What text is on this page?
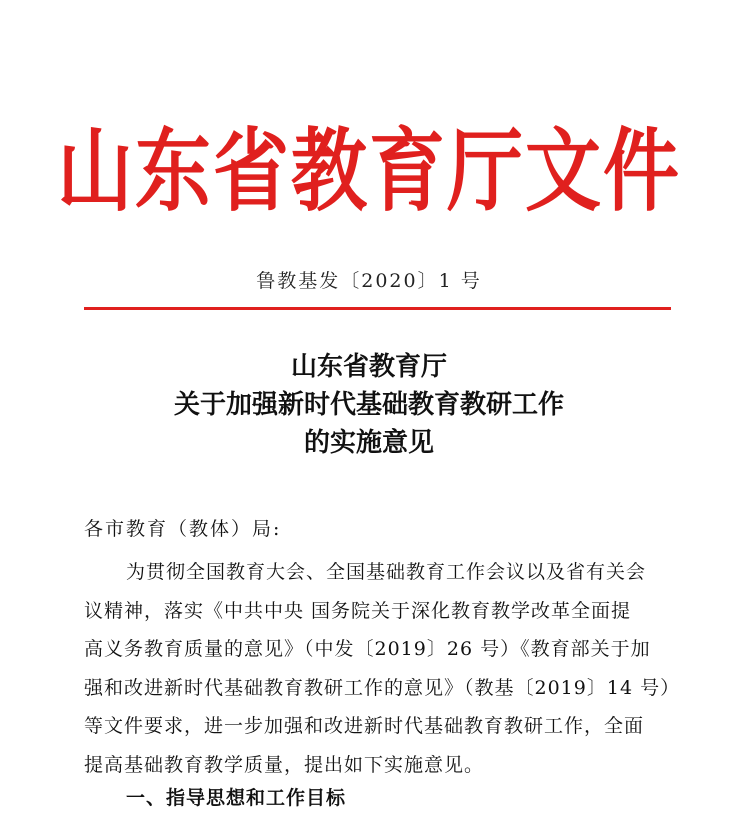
山东省教育厅文件
鲁教基发〔2020〕1 号
山东省教育厅
关于加强新时代基础教育教研工作
的实施意见
各市教育（教体）局:
为贯彻全国教育大会、全国基础教育工作会议以及省有关会
议精神，落实《中共中央 国务院关于深化教育教学改革全面提
高义务教育质量的意见》（中发〔2019〕26 号）《教育部关于加
强和改进新时代基础教育教研工作的意见》（教基〔2019〕14 号）
等文件要求，进一步加强和改进新时代基础教育教研工作，全面
提高基础教育教学质量，提出如下实施意见。
一、指导思想和工作目标
